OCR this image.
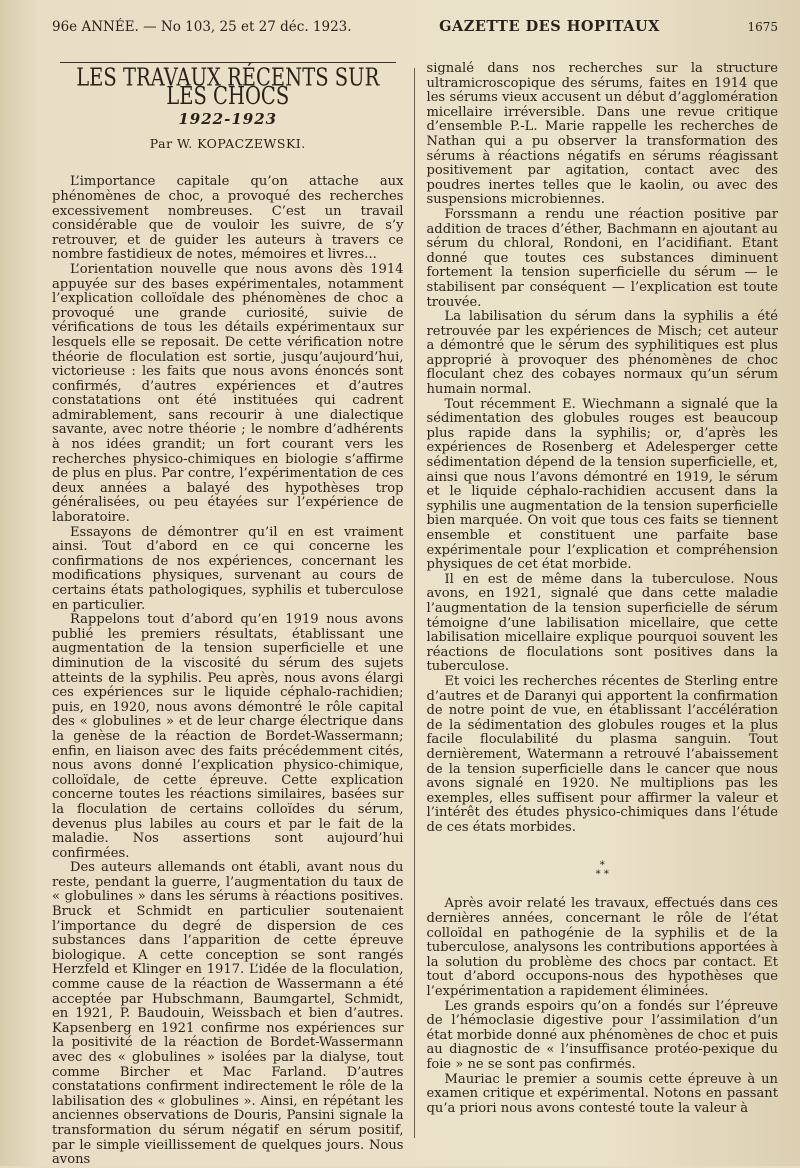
96e ANNÉE. — No 103, 25 et 27 déc. 1923.	GAZETTE DES HOPITAUX	1675
LES TRAVAUX RÉCENTS SUR LES CHOCS
1922-1923
Par W. KOPACZEWSKI.

L’importance capitale qu’on attache aux phénomènes de choc, a provoqué des recherches excessivement nombreuses. C’est un travail considérable que de vouloir les suivre, de s’y retrouver, et de guider les auteurs à travers ce nombre fastidieux de notes, mémoires et livres...

L’orientation nouvelle que nous avons dès 1914 appuyée sur des bases expérimentales, notamment l’explication colloïdale des phénomènes de choc a provoqué une grande curiosité, suivie de vérifications de tous les détails expérimentaux sur lesquels elle se reposait. De cette vérification notre théorie de floculation est sortie, jusqu’aujourd’hui, victorieuse : les faits que nous avons énoncés sont confirmés, d’autres expériences et d’autres constatations ont été instituées qui cadrent admirablement, sans recourir à une dialectique savante, avec notre théorie ; le nombre d’adhérents à nos idées grandit; un fort courant vers les recherches physico-chimiques en biologie s’affirme de plus en plus. Par contre, l’expérimentation de ces deux années a balayé des hypothèses trop généralisées, ou peu étayées sur l’expérience de laboratoire.

Essayons de démontrer qu’il en est vraiment ainsi. Tout d’abord en ce qui concerne les confirmations de nos expériences, concernant les modifications physiques, survenant au cours de certains états pathologiques, syphilis et tuberculose en particulier.

Rappelons tout d’abord qu’en 1919 nous avons publié les premiers résultats, établissant une augmentation de la tension superficielle et une diminution de la viscosité du sérum des sujets atteints de la syphilis. Peu après, nous avons élargi ces expériences sur le liquide céphalo-rachidien; puis, en 1920, nous avons démontré le rôle capital des « globulines » et de leur charge électrique dans la genèse de la réaction de Bordet-Wassermann; enfin, en liaison avec des faits précédemment cités, nous avons donné l’explication physico-chimique, colloïdale, de cette épreuve. Cette explication concerne toutes les réactions similaires, basées sur la floculation de certains colloïdes du sérum, devenus plus labiles au cours et par le fait de la maladie. Nos assertions sont aujourd’hui confirmées.

Des auteurs allemands ont établi, avant nous du reste, pendant la guerre, l’augmentation du taux de « globulines » dans les sérums à réactions positives. Bruck et Schmidt en particulier soutenaient l’importance du degré de dispersion de ces substances dans l’apparition de cette épreuve biologique. A cette conception se sont rangés Herzfeld et Klinger en 1917. L’idée de la floculation, comme cause de la réaction de Wassermann a été acceptée par Hubschmann, Baumgartel, Schmidt, en 1921, P. Baudouin, Weissbach et bien d’autres. Kapsenberg en 1921 confirme nos expériences sur la positivité de la réaction de Bordet-Wassermann avec des « globulines » isolées par la dialyse, tout comme Bircher et Mac Farland. D’autres constatations confirment indirectement le rôle de la labilisation des « globulines ». Ainsi, en répétant les anciennes observations de Douris, Pansini signale la transformation du sérum négatif en sérum positif, par le simple vieillissement de quelques jours. Nous avons

signalé dans nos recherches sur la structure ultramicroscopique des sérums, faites en 1914 que les sérums vieux accusent un début d’agglomération micellaire irréversible. Dans une revue critique d’ensemble P.-L. Marie rappelle les recherches de Nathan qui a pu observer la transformation des sérums à réactions négatifs en sérums réagissant positivement par agitation, contact avec des poudres inertes telles que le kaolin, ou avec des suspensions microbiennes.

Forssmann a rendu une réaction positive par addition de traces d’éther, Bachmann en ajoutant au sérum du chloral, Rondoni, en l’acidifiant. Etant donné que toutes ces substances diminuent fortement la tension superficielle du sérum — le stabilisent par conséquent — l’explication est toute trouvée.

La labilisation du sérum dans la syphilis a été retrouvée par les expériences de Misch; cet auteur a démontré que le sérum des syphilitiques est plus approprié à provoquer des phénomènes de choc floculant chez des cobayes normaux qu’un sérum humain normal.

Tout récemment E. Wiechmann a signalé que la sédimentation des globules rouges est beaucoup plus rapide dans la syphilis; or, d’après les expériences de Rosenberg et Adelesperger cette sédimentation dépend de la tension superficielle, et, ainsi que nous l’avons démontré en 1919, le sérum et le liquide céphalo-rachidien accusent dans la syphilis une augmentation de la tension superficielle bien marquée. On voit que tous ces faits se tiennent ensemble et constituent une parfaite base expérimentale pour l’explication et compréhension physiques de cet état morbide.

Il en est de même dans la tuberculose. Nous avons, en 1921, signalé que dans cette maladie l’augmentation de la tension superficielle de sérum témoigne d’une labilisation micellaire, que cette labilisation micellaire explique pourquoi souvent les réactions de floculations sont positives dans la tuberculose.

Et voici les recherches récentes de Sterling entre d’autres et de Daranyi qui apportent la confirmation de notre point de vue, en établissant l’accélération de la sédimentation des globules rouges et la plus facile floculabilité du plasma sanguin. Tout dernièrement, Watermann a retrouvé l’abaissement de la tension superficielle dans le cancer que nous avons signalé en 1920. Ne multiplions pas les exemples, elles suffisent pour affirmer la valeur et l’intérêt des études physico-chimiques dans l’étude de ces états morbides.

*
* *

Après avoir relaté les travaux, effectués dans ces dernières années, concernant le rôle de l’état colloïdal en pathogénie de la syphilis et de la tuberculose, analysons les contributions apportées à la solution du problème des chocs par contact. Et tout d’abord occupons-nous des hypothèses que l’expérimentation a rapidement éliminées.

Les grands espoirs qu’on a fondés sur l’épreuve de l’hémoclasie digestive pour l’assimilation d’un état morbide donné aux phénomènes de choc et puis au diagnostic de « l’insuffisance protéo-pexique du foie » ne se sont pas confirmés.

Mauriac le premier a soumis cette épreuve à un examen critique et expérimental. Notons en passant qu’a priori nous avons contesté toute la valeur à
